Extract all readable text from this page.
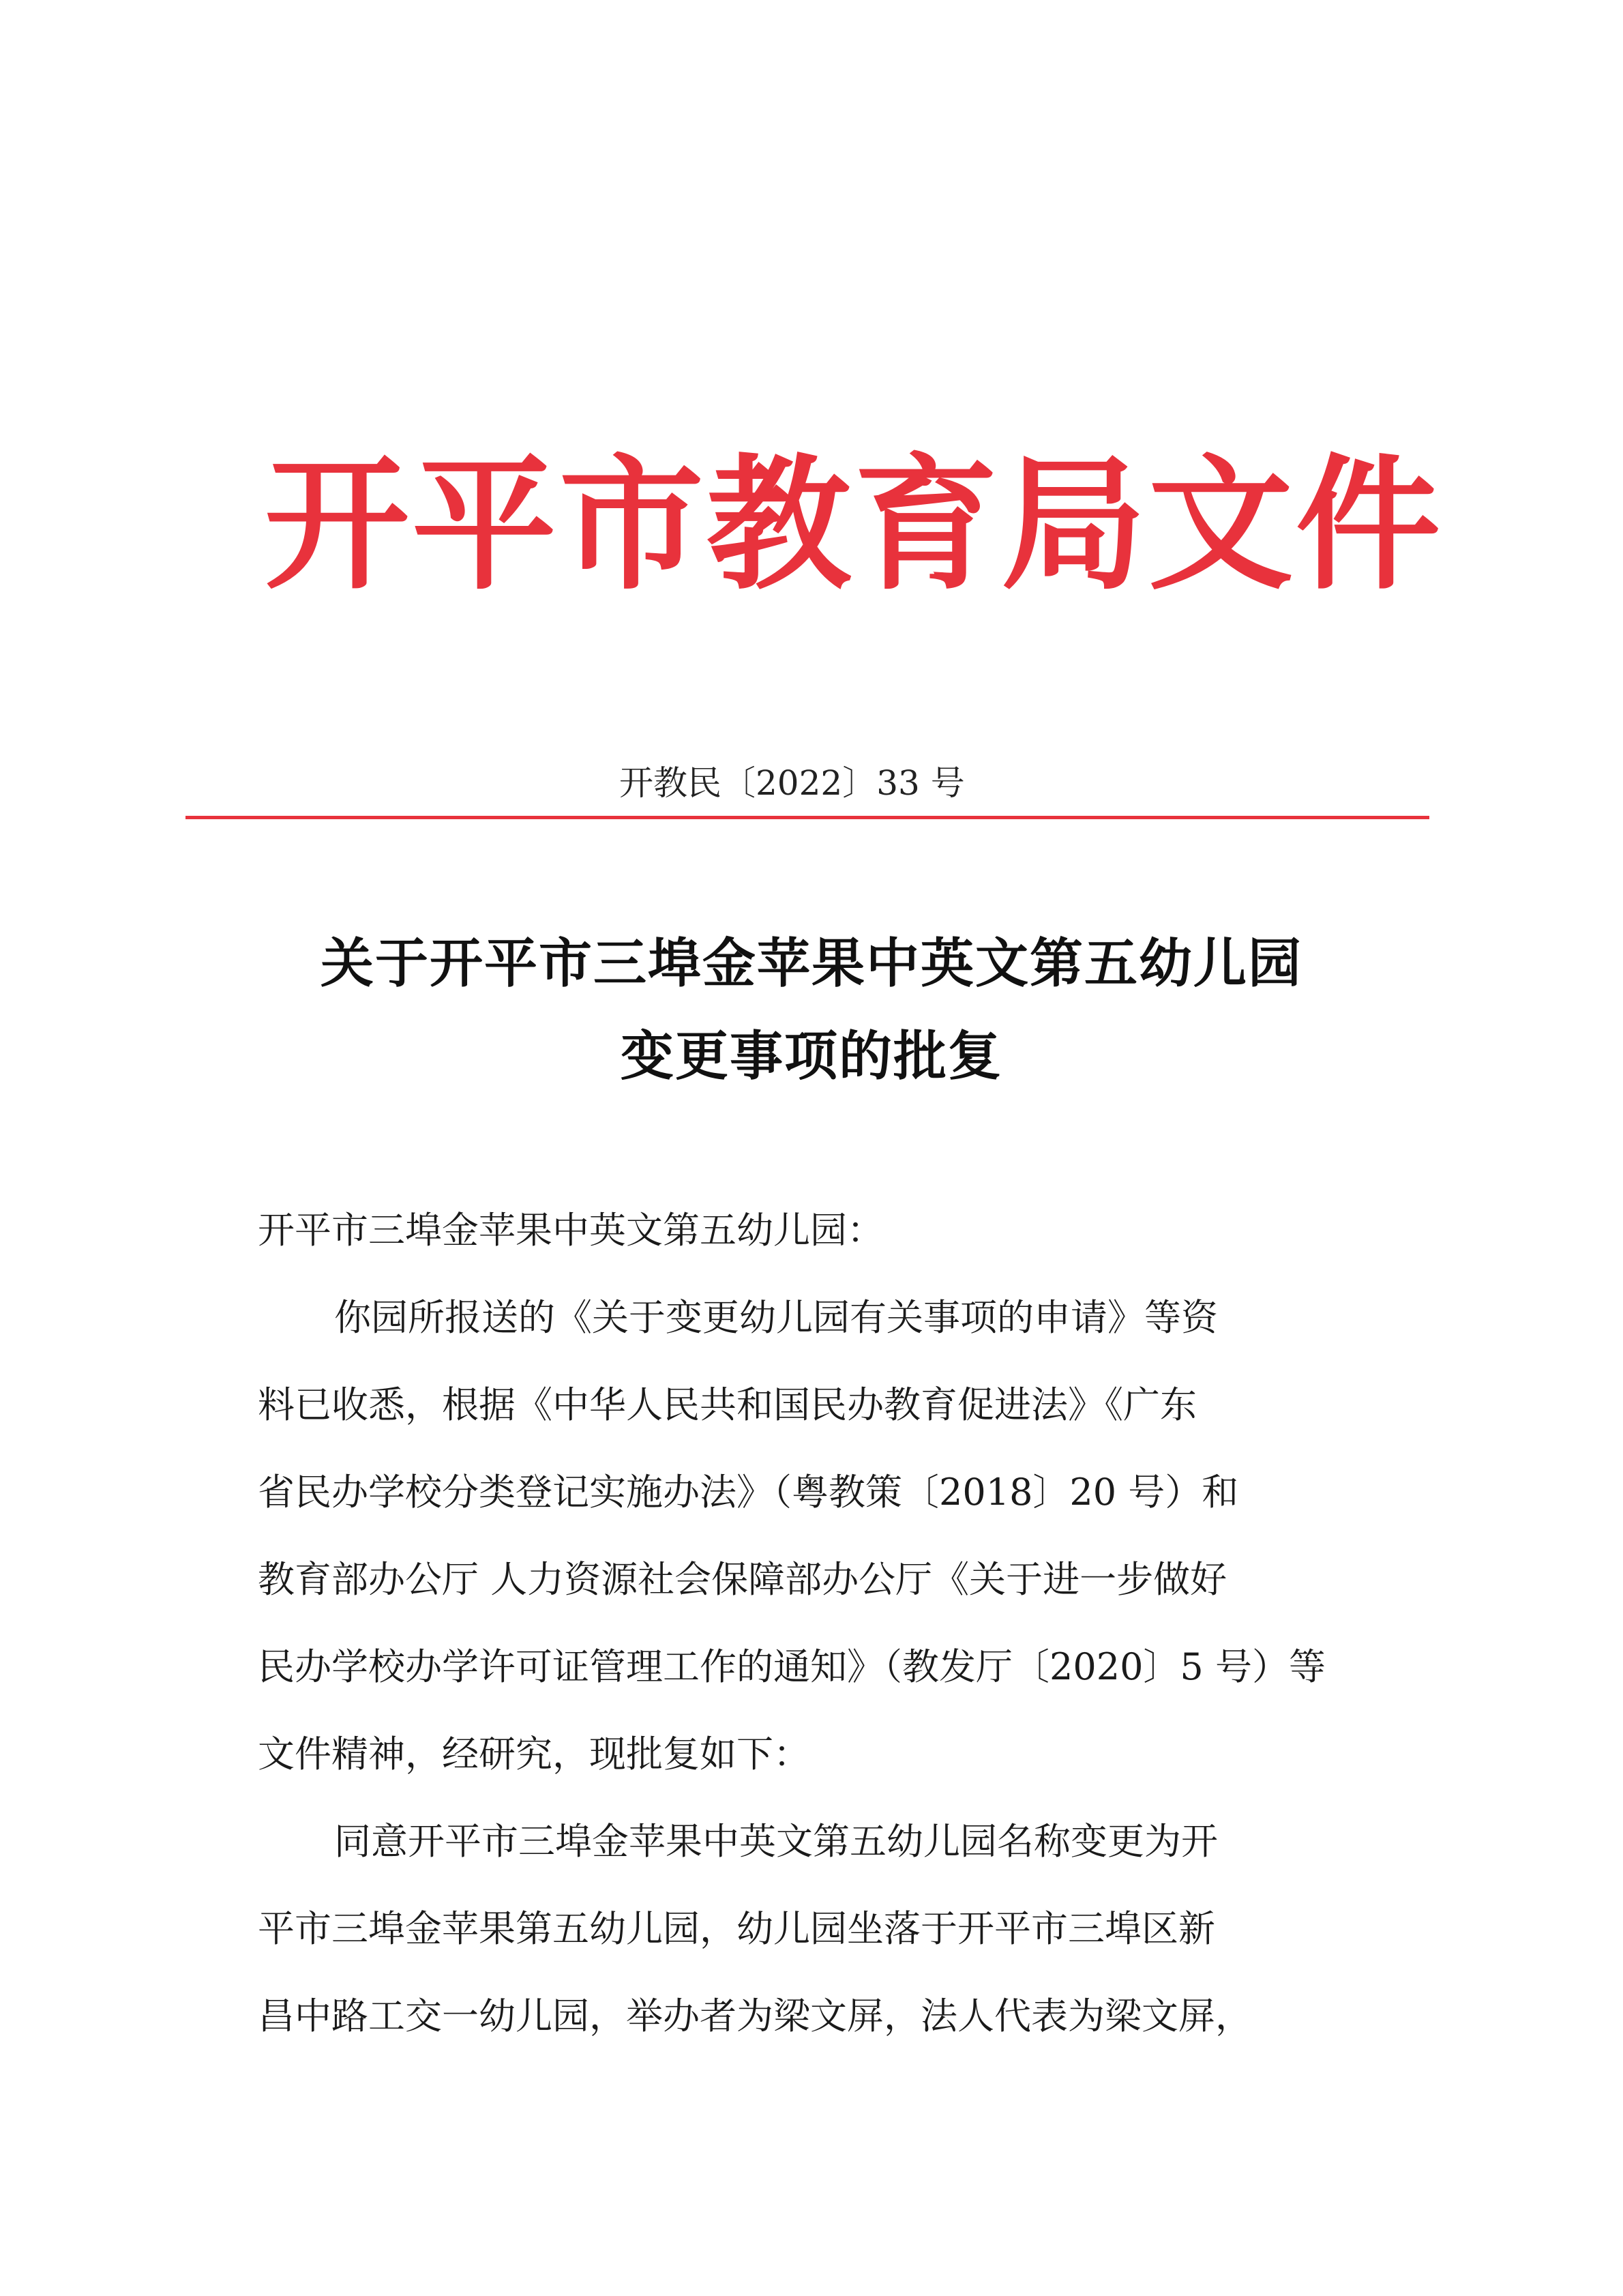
开平市教育局文件
开教民〔2022〕33 号
关于开平市三埠金苹果中英文第五幼儿园
变更事项的批复
开平市三埠金苹果中英文第五幼儿园：
你园所报送的《关于变更幼儿园有关事项的申请》等资
料已收悉，根据《中华人民共和国民办教育促进法》《广东
省民办学校分类登记实施办法》（粤教策〔2018〕20 号）和
教育部办公厅 人力资源社会保障部办公厅《关于进一步做好
民办学校办学许可证管理工作的通知》（教发厅〔2020〕5 号）等
文件精神，经研究，现批复如下：
同意开平市三埠金苹果中英文第五幼儿园名称变更为开
平市三埠金苹果第五幼儿园，幼儿园坐落于开平市三埠区新
昌中路工交一幼儿园，举办者为梁文屏，法人代表为梁文屏，
